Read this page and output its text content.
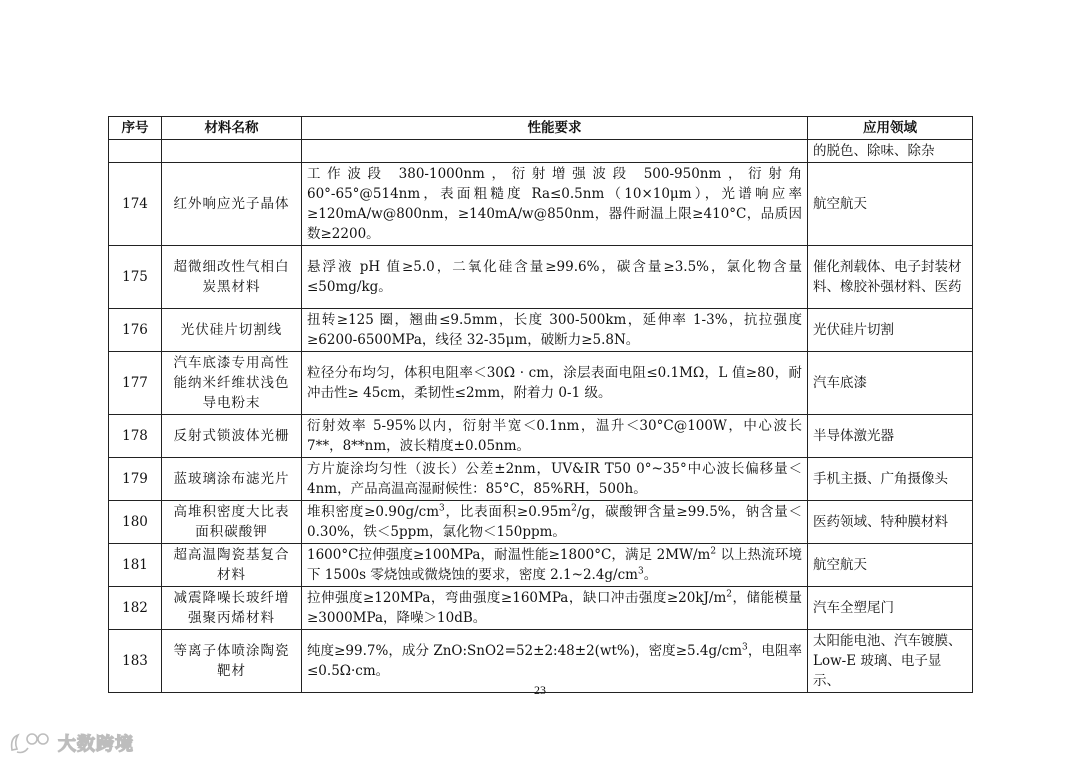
序号	材料名称	性能要求	应用领域
			的脱色、除味、除杂
174	红外响应光子晶体	工作波段 380-1000nm，衍射增强波段 500-950nm，衍射角 60°-65°@514nm，表面粗糙度 Ra≤0.5nm（10×10μm），光谱响应率≥120mA/w@800nm，≥140mA/w@850nm，器件耐温上限≥410°C，品质因数≥2200。	航空航天
175	超微细改性气相白炭黑材料	悬浮液 pH 值≥5.0，二氧化硅含量≥99.6%，碳含量≥3.5%，氯化物含量≤50mg/kg。	催化剂载体、电子封装材料、橡胶补强材料、医药
176	光伏硅片切割线	扭转≥125 圈，翘曲≤9.5mm，长度 300-500km，延伸率 1-3%，抗拉强度≥6200-6500MPa，线径 32-35μm，破断力≥5.8N。	光伏硅片切割
177	汽车底漆专用高性能纳米纤维状浅色导电粉末	粒径分布均匀，体积电阻率＜30Ω · cm，涂层表面电阻≤0.1MΩ，L 值≥80，耐冲击性≥ 45cm，柔韧性≤2mm，附着力 0-1 级。	汽车底漆
178	反射式锁波体光栅	衍射效率 5-95%以内，衍射半宽＜0.1nm，温升＜30°C@100W，中心波长 7**，8**nm，波长精度±0.05nm。	半导体激光器
179	蓝玻璃涂布滤光片	方片旋涂均匀性（波长）公差±2nm，UV&IR T50 0°~35°中心波长偏移量＜4nm，产品高温高湿耐候性：85°C，85%RH，500h。	手机主摄、广角摄像头
180	高堆积密度大比表面积碳酸钾	堆积密度$\ge 0.90g/cm^3$，比表面积$\ge 0.95m^2/g$，碳酸钾含量≥99.5%，钠含量＜0.30%，铁＜5ppm，氯化物＜150ppm。	医药领域、特种膜材料
181	超高温陶瓷基复合材料	1600°C拉伸强度≥100MPa，耐温性能≥1800°C，满足 $2MW/m^2$ 以上热流环境下 1500s 零烧蚀或微烧蚀的要求，密度 $2.1\sim 2.4g/cm^3$。	航空航天
182	减震降噪长玻纤增强聚丙烯材料	拉伸强度≥120MPa，弯曲强度≥160MPa，缺口冲击强度$\ge 20kJ/m^2$，储能模量≥3000MPa，降噪＞10dB。	汽车全塑尾门
183	等离子体喷涂陶瓷靶材	纯度≥99.7%，成分 ZnO:SnO2=52±2:48±2(wt%)，密度$\ge 5.4g/cm^3$，电阻率≤0.5Ω·cm。	太阳能电池、汽车镀膜、Low-E 玻璃、电子显示、
23
大数跨境
